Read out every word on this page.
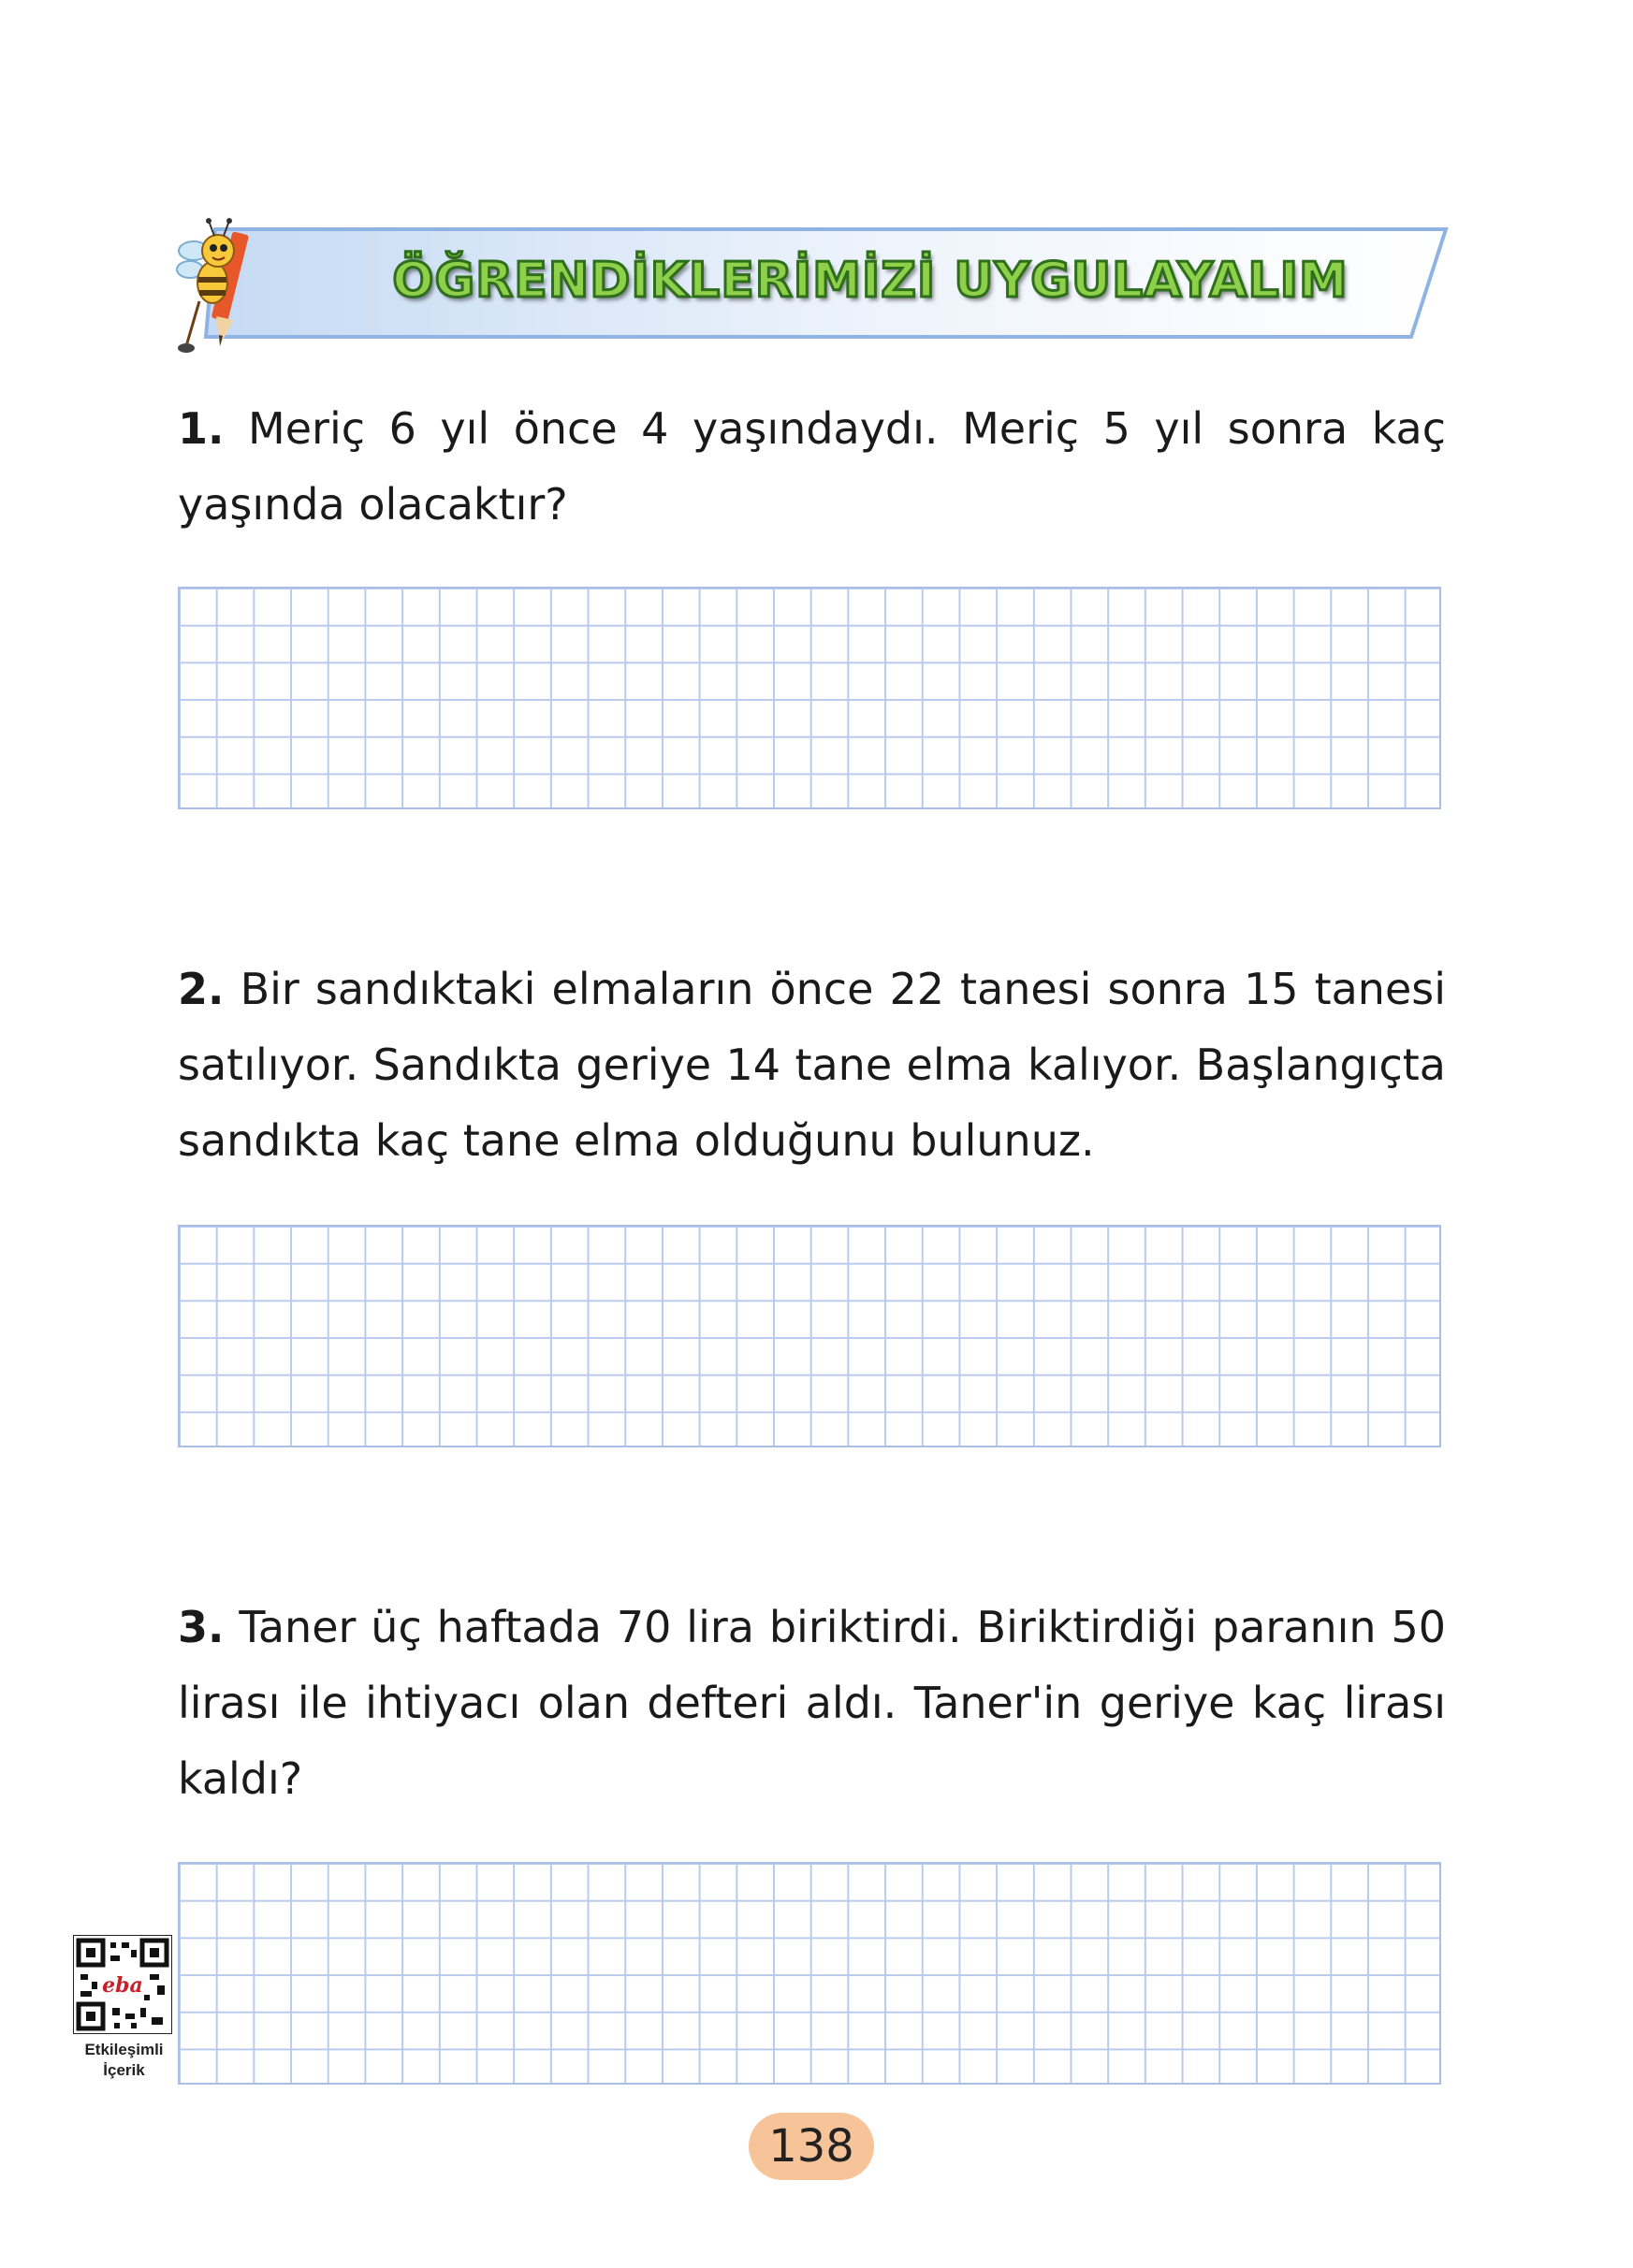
ÖĞRENDİKLERİMİZİ UYGULAYALIM
1. Meriç 6 yıl önce 4 yaşındaydı. Meriç 5 yıl sonra kaç yaşında olacaktır?
2. Bir sandıktaki elmaların önce 22 tanesi sonra 15 tanesi satılıyor. Sandıkta geriye 14 tane elma kalıyor. Başlangıçta sandıkta kaç tane elma olduğunu bulunuz.
3. Taner üç haftada 70 lira biriktirdi. Biriktirdiği paranın 50 lirası ile ihtiyacı olan defteri aldı. Taner'in geriye kaç lirası kaldı?
eba
Etkileşimli
İçerik
138
